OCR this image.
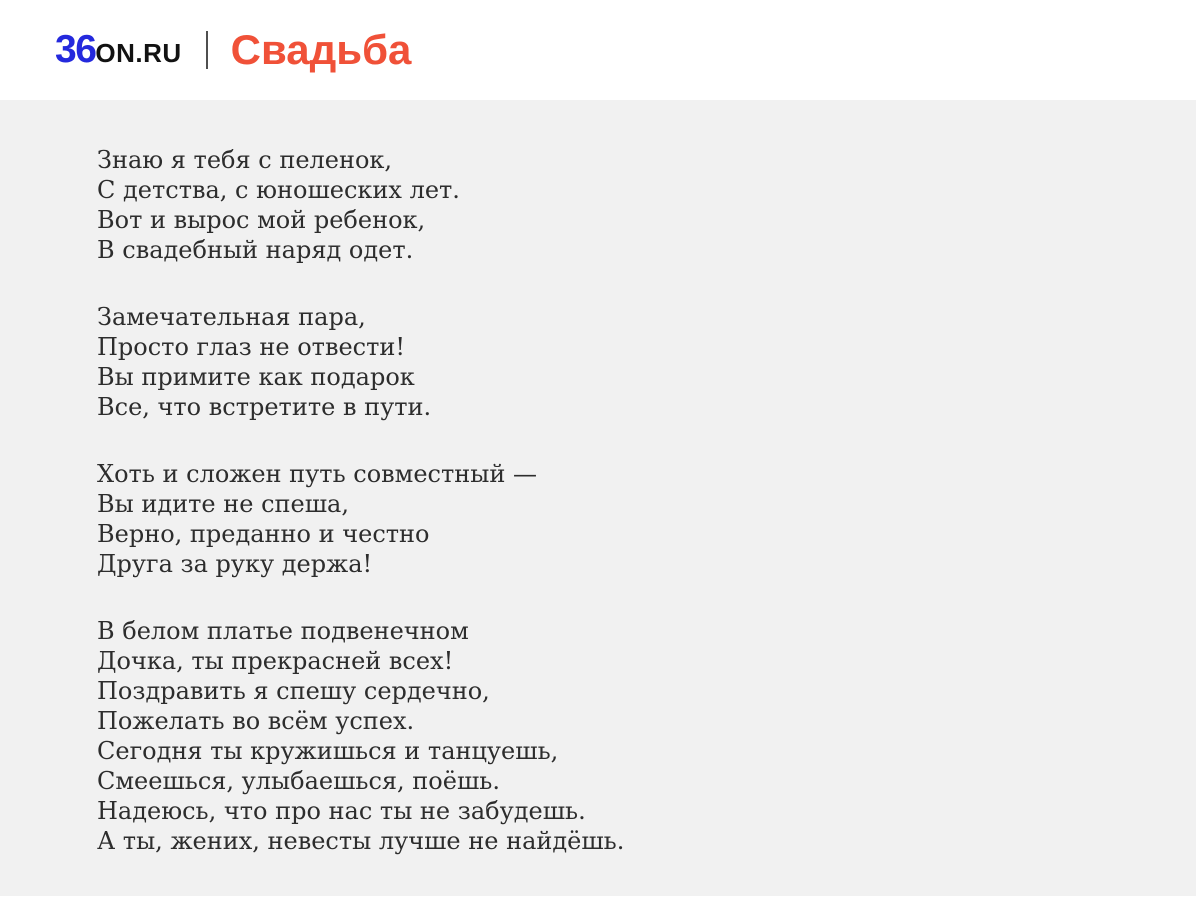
36 ON.RU Свадьба
Знаю я тебя с пеленок,
С детства, с юношеских лет.
Вот и вырос мой ребенок,
В свадебный наряд одет.
Замечательная пара,
Просто глаз не отвести!
Вы примите как подарок
Все, что встретите в пути.
Хоть и сложен путь совместный —
Вы идите не спеша,
Верно, преданно и честно
Друга за руку держа!
В белом платье подвенечном
Дочка, ты прекрасней всех!
Поздравить я спешу сердечно,
Пожелать во всём успех.
Сегодня ты кружишься и танцуешь,
Смеешься, улыбаешься, поёшь.
Надеюсь, что про нас ты не забудешь.
А ты, жених, невесты лучше не найдёшь.
